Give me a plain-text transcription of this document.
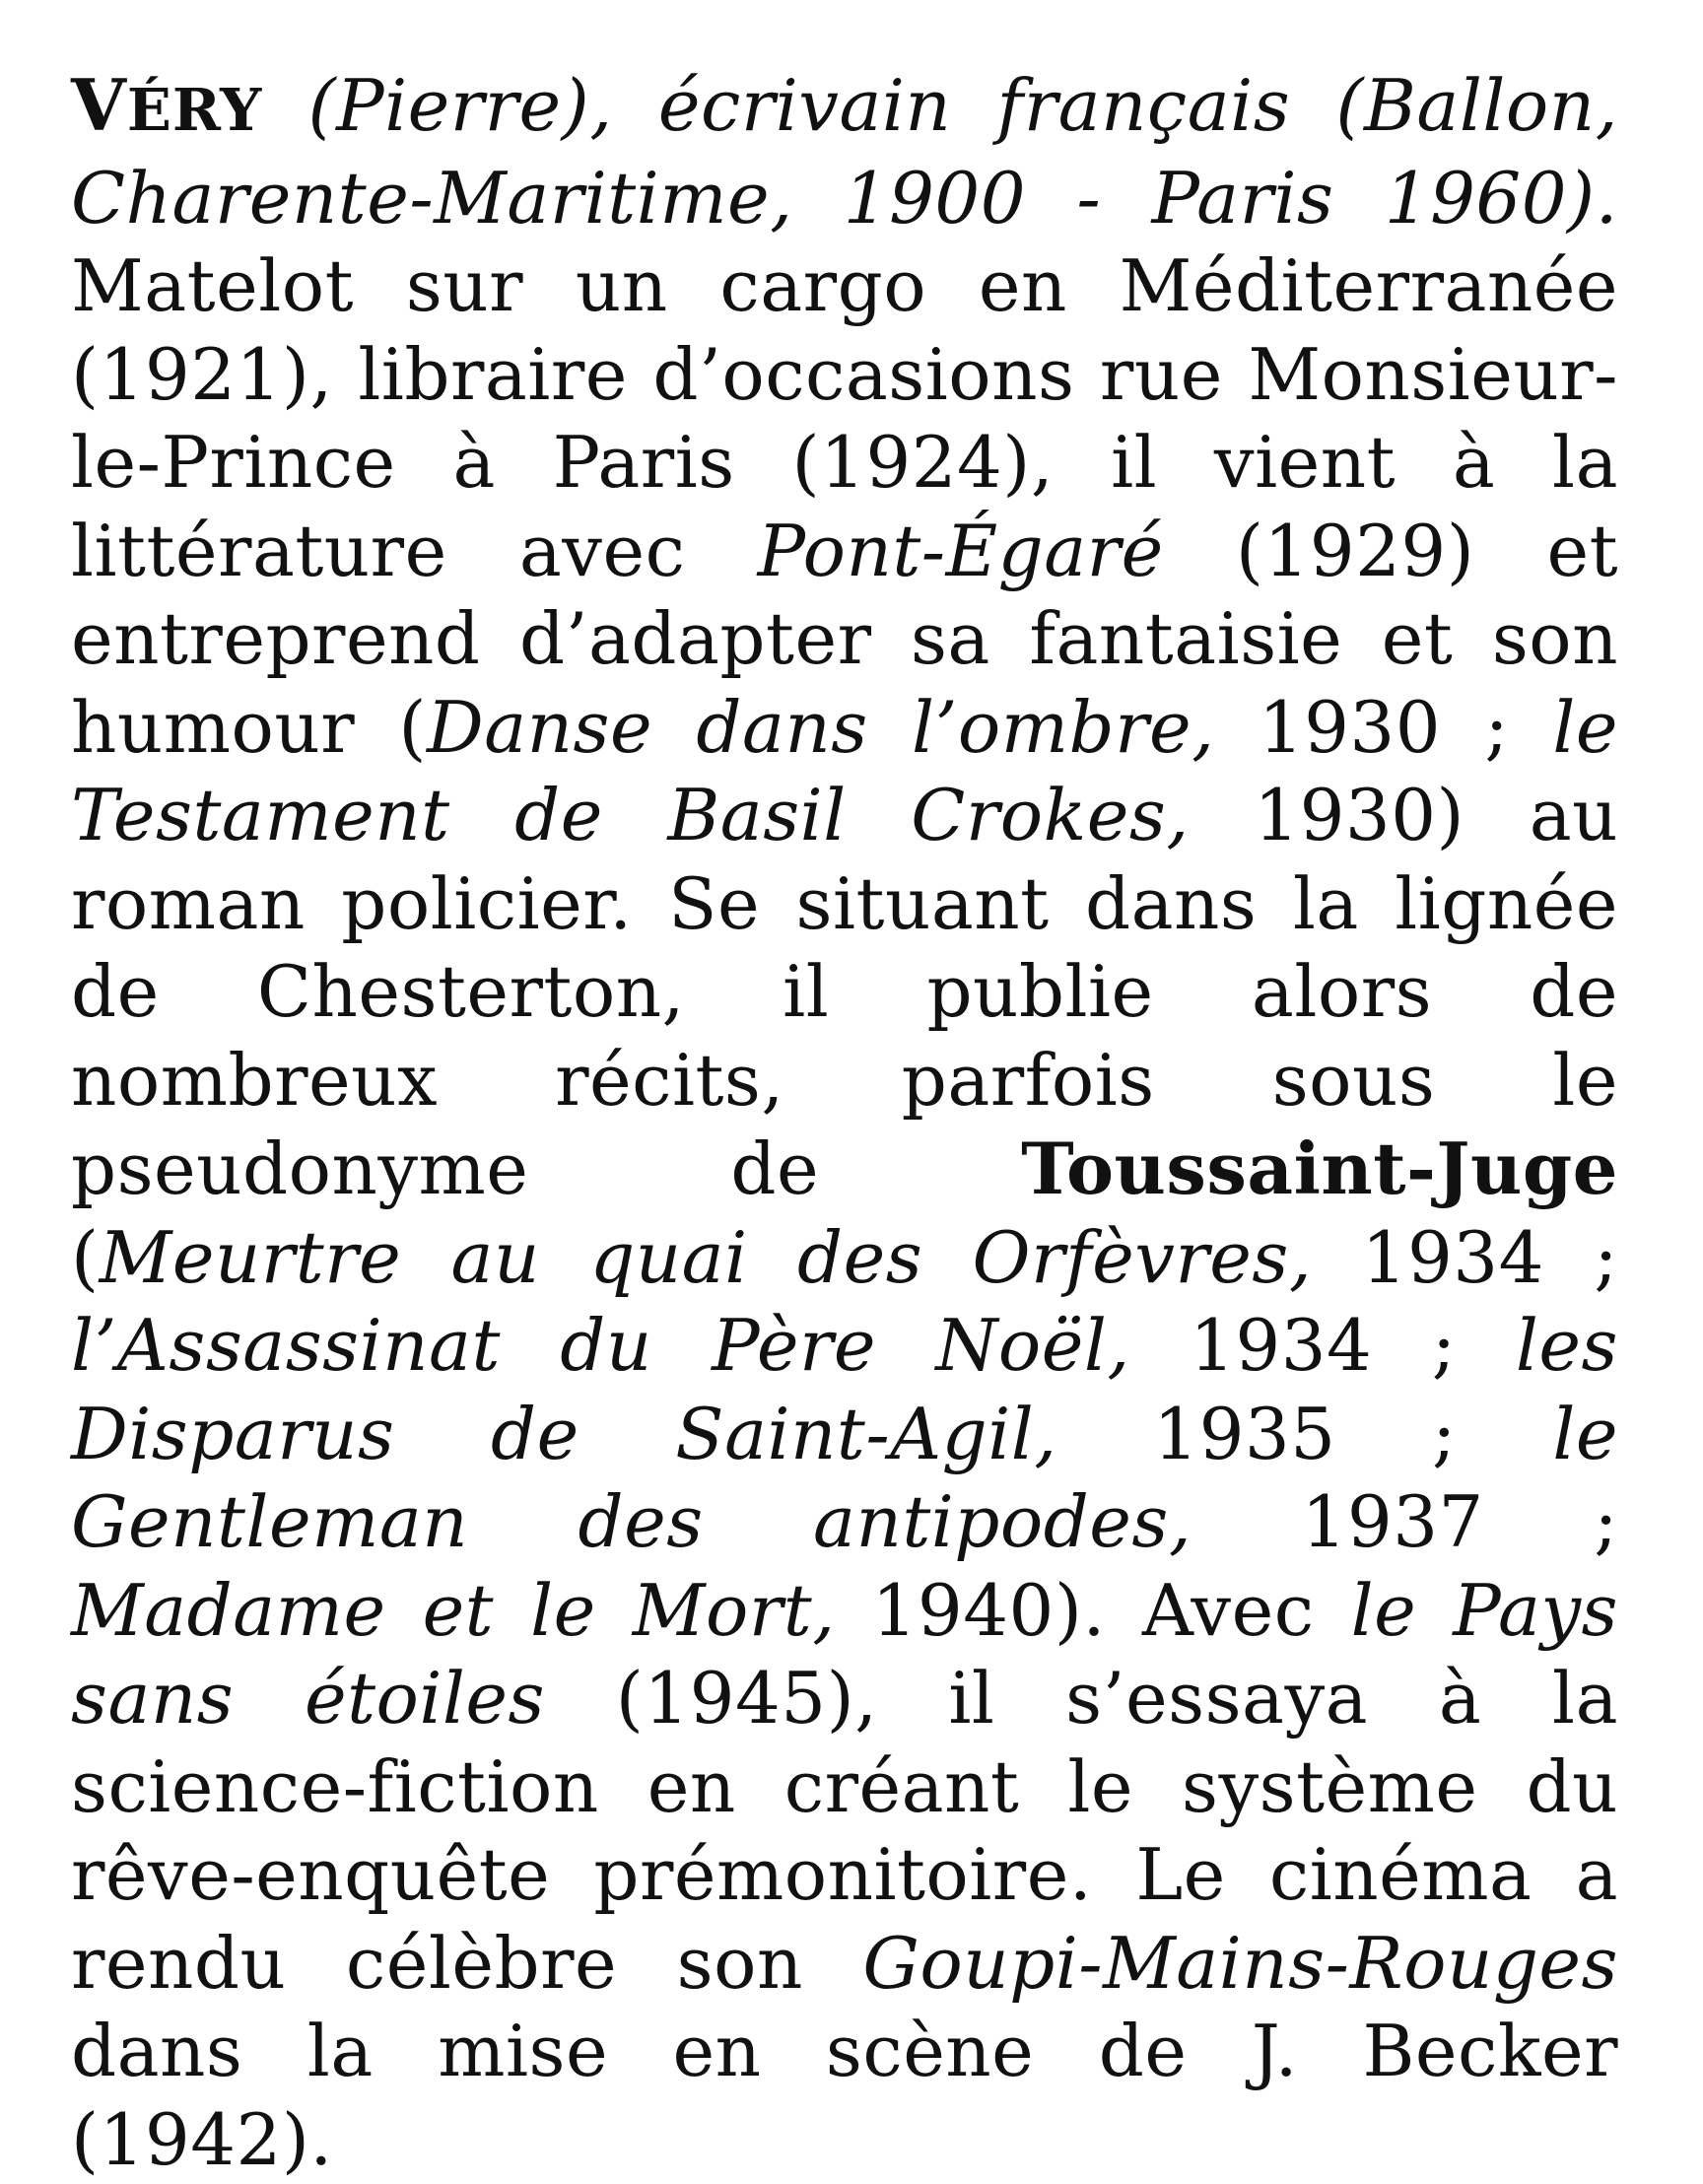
VÉRY (Pierre), écrivain français (Ballon, Charente-Maritime, 1900 - Paris 1960). Matelot sur un cargo en Méditerranée (1921), libraire d’occasions rue Monsieur-le-Prince à Paris (1924), il vient à la littérature avec Pont-Égaré (1929) et entreprend d’adapter sa fantaisie et son humour (Danse dans l’ombre, 1930 ; le Testament de Basil Crokes, 1930) au roman policier. Se situant dans la lignée de Chesterton, il publie alors de nombreux récits, parfois sous le pseudonyme de	Toussaint-Juge (Meurtre au quai des Orfèvres, 1934 ; l’Assassinat du Père Noël, 1934 ; les Disparus de Saint-Agil, 1935 ; le Gentleman des antipodes, 1937 ; Madame et le Mort, 1940). Avec le Pays sans étoiles (1945), il s’essaya à la science-fiction en créant le système du rêve-enquête prémonitoire. Le cinéma a rendu célèbre son Goupi-Mains-Rouges dans la mise en scène de J. Becker (1942).
